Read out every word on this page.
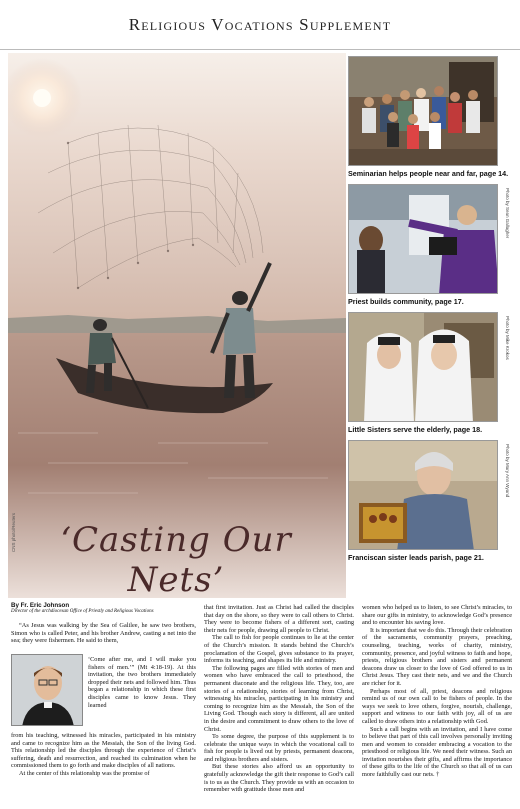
Religious Vocations Supplement
CNS photo/Reuters	‘Casting Our Nets’
Seminarian helps people near and far, page 14.
Photo by Sean Gallagher
Priest builds community, page 17.
Photo by Mike Krokos
Little Sisters serve the elderly, page 18.
Photo by Mary Ann Wyand
Franciscan sister leads parish, page 21.
By Fr. Eric Johnson
Director of the archdiocesan Office of Priestly and Religious Vocations

“As Jesus was walking by the Sea of Galilee, he saw two brothers, Simon who is called Peter, and his brother Andrew, casting a net into the sea; they were fishermen. He said to them,

‘Come after me, and I will make you fishers of men.’” (Mt 4:18-19). At this invitation, the two brothers immediately dropped their nets and followed him. Thus began a relationship in which these first disciples came to know Jesus. They learned

from his teaching, witnessed his miracles, participated in his ministry and came to recognize him as the Messiah, the Son of the living God. This relationship led the disciples through the experience of Christ’s suffering, death and resurrection, and reached its culmination when he commissioned them to go forth and make disciples of all nations.

At the center of this relationship was the promise of

that first invitation. Just as Christ had called the disciples that day on the shore, so they were to call others to Christ. They were to become fishers of a different sort, casting their nets for people, drawing all people to Christ.

The call to fish for people continues to lie at the center of the Church’s mission. It stands behind the Church’s proclamation of the Gospel, gives substance to its prayer, informs its teaching, and shapes its life and ministry.

The following pages are filled with stories of men and women who have embraced the call to priesthood, the permanent diaconate and the religious life. They, too, are stories of a relationship, stories of learning from Christ, witnessing his miracles, participating in his ministry and coming to recognize him as the Messiah, the Son of the Living God. Though each story is different, all are united in the desire and commitment to draw others to the love of Christ.

To some degree, the purpose of this supplement is to celebrate the unique ways in which the vocational call to fish for people is lived out by priests, permanent deacons, and religious brothers and sisters.

But these stories also afford us an opportunity to gratefully acknowledge the gift their response to God’s call is to us as the Church. They provide us with an occasion to remember with gratitude those men and

women who helped us to listen, to see Christ’s miracles, to share our gifts in ministry, to acknowledge God’s presence and to encounter his saving love.

It is important that we do this. Through their celebration of the sacraments, community prayers, preaching, counseling, teaching, works of charity, ministry, community, presence, and joyful witness to faith and hope, priests, religious brothers and sisters and permanent deacons draw us closer to the love of God offered to us in Christ Jesus. They cast their nets, and we and the Church are richer for it.

Perhaps most of all, priest, deacons and religious remind us of our own call to be fishers of people. In the ways we seek to love others, forgive, nourish, challenge, support and witness to our faith with joy, all of us are called to draw others into a relationship with God.

Such a call begins with an invitation, and I have come to believe that part of this call involves personally inviting men and women to consider embracing a vocation to the priesthood or religious life. We need their witness. Such an invitation nourishes their gifts, and affirms the importance of these gifts to the life of the Church so that all of us can more faithfully cast our nets. †
